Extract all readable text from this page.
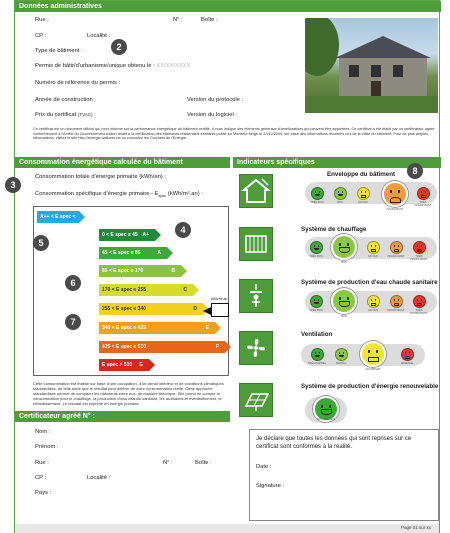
Données administratives
Rue :	N° :	Boîte :
CP :	Localité :
Type de bâtiment :
Permis de bâtir/d'urbanisme/unique obtenu le : XX/XX/XXXX
Numéro de référence du permis :
Année de construction :	Version du protocole :
Prix du certificat (TVAC) :	Version du logiciel :
Ce certificat est un document officiel qui vous informe sur la performance énergétique du bâtiment certifié. Il vous indique des éléments généraux d'améliorations qui peuvent être apportées. Ce certificat a été établi par un certificateur agréé conformément à l'Arrêté du Gouvernement wallon relatif à la certification des bâtiments résidentiels existants publié au Moniteur belge le 22/12/2009, sur base des informations récoltées lors de la visite du bâtiment. Pour de plus amples informations, visitez le site http://energie.wallonie.be ou consultez les Guichets de l'Énergie.
Consommation énergétique calculée du bâtiment
Consommation totale d'énergie primaire (kWh/an) :
Consommation spécifique d'énergie primaire - $E_{spec}$ (kWh/m².an) :
A++ < E spec < 0
0 < E spec ≤ 45 A+
45 < E spec ≤ 85	A
85 < E spec ≤ 170	B
170 < E spec ≤ 255	C
255 < E spec ≤ 340	D
340 < E spec ≤ 425	E
425 < E spec ≤ 510	F
E spec > 510 G
kWh/m².an
Cette consommation est établie sur base d'une occupation, d'un climat intérieur et de conditions climatiques standardisés, de telle sorte que le résultat peut différer de votre consommation réelle. Cette approche standardisée permet de comparer les bâtiments entre eux, de manière théorique. Elle prend en compte la consommation pour le chauffage, la production d'eau chaude sanitaire, les auxiliaires et éventuellement, le refroidissement. Le résultat est exprimé en énergie primaire.
Indicateurs spécifiques
Enveloppe du bâtiment
TRÈS BON	BON	MOYEN
INSUFFISANT
TRÈS INSUFFISANT
Système de chauffage
TRÈS BON
BON
MOYEN	INSUFFISANT	TRÈS INSUFFISANT
Système de production d'eau chaude sanitaire
TRÈS BON
BON
MOYEN	INSUFFISANT	TRÈS INSUFFISANT
Ventilation
TRÈS PARTIEL	PARTIEL
INCOMPLET
ABSENCE
Système de production d'énergie renouvelable
SOL. SOLAIRE
Certificateur agréé N° :
Nom :
Prénom :
Rue :	N° :	Boîte :
CP :	Localité :
Pays :
Je déclare que toutes les données qui sont reprises sur ce certificat sont conformes à la réalité.
Date :
Signature :
Page 01 sur xx
2
3
4
5
6
7
8
